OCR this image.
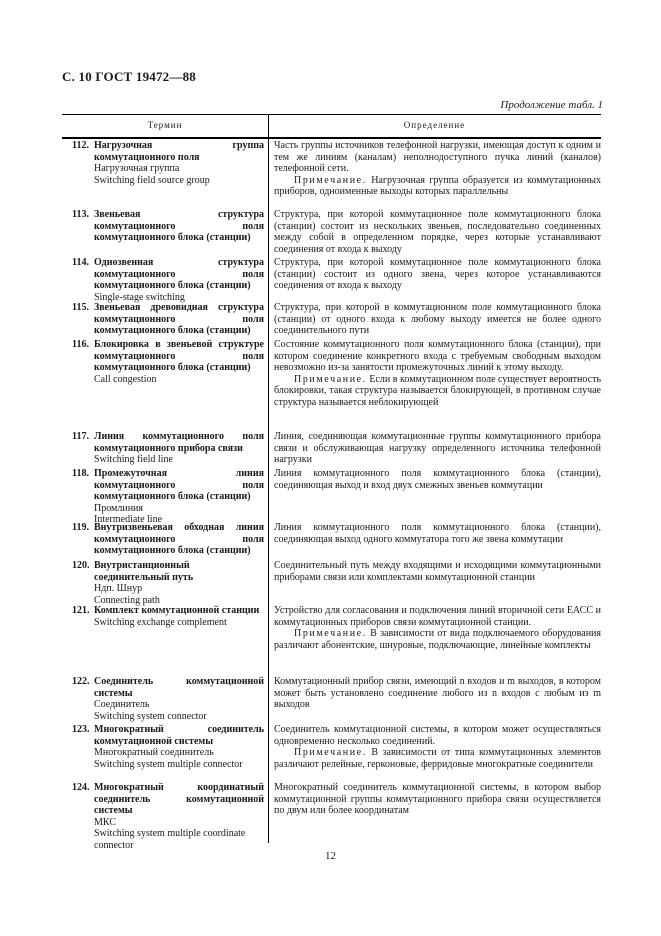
С. 10 ГОСТ 19472—88
Продолжение табл. 1
Термин	Определение
112. Нагрузочная группа коммутационного поля
Нагрузочная группа
Switching field source group

Часть группы источников телефонной нагрузки, имеющая доступ к одним и тем же линиям (каналам) неполнодоступного пучка линий (каналов) телефонной сети.

Примечание. Нагрузочная группа образуется из коммутационных приборов, одноименные выходы которых параллельны

113. Звеньевая структура коммутационного поля коммутационного блока (станции)

Структура, при которой коммутационное поле коммутационного блока (станции) состоит из нескольких звеньев, последовательно соединенных между собой в определенном порядке, через которые устанавливают соединения от входа к выходу

114. Однозвенная структура коммутационного поля коммутационного блока (станции)
Single-stage switching

Структура, при которой коммутационное поле коммутационного блока (станции) состоит из одного звена, через которое устанавливаются соединения от входа к выходу

115. Звеньевая древовидная структура коммутационного поля коммутационного блока (станции)

Структура, при которой в коммутационном поле коммутационного блока (станции) от одного входа к любому выходу имеется не более одного соединительного пути

116. Блокировка в звеньевой структуре коммутационного поля коммутационного блока (станции)
Call congestion

Состояние коммутационного поля коммутационного блока (станции), при котором соединение конкретного входа с требуемым свободным выходом невозможно из-за занятости промежуточных линий к этому выходу.

Примечание. Если в коммутационном поле существует вероятность блокировки, такая структура называется блокирующей, в противном случае структура называется неблокирующей

117. Линия коммутационного поля коммутационного прибора связи
Switching field line

Линия, соединяющая коммутационные группы коммутационного прибора связи и обслуживающая нагрузку определенного источника телефонной нагрузки

118. Промежуточная линия коммутационного поля коммутационного блока (станции)
Промлиния
Intermediate line

Линия коммутационного поля коммутационного блока (станции), соединяющая выход и вход двух смежных звеньев коммутации

119. Внутризвеньевая обходная линия коммутационного поля коммутационного блока (станции)

Линия коммутационного поля коммутационного блока (станции), соединяющая выход одного коммутатора того же звена коммутации

120. Внутристанционный соединительный путь
Ндп. Шнур
Connecting path

Соединительный путь между входящими и исходящими коммутационными приборами связи или комплектами коммутационной станции

121. Комплект коммутационной станции
Switching exchange complement

Устройство для согласования и подключения линий вторичной сети ЕАСС и коммутационных приборов связи коммутационной станции.

Примечание. В зависимости от вида подключаемого оборудования различают абонентские, шнуровые, подключающие, линейные комплекты

122. Соединитель коммутационной системы
Соединитель
Switching system connector

Коммутационный прибор связи, имеющий n входов и m выходов, в котором может быть установлено соединение любого из n входов с любым из m выходов

123. Многократный соединитель коммутационной системы
Многократный соединитель
Switching system multiple connector

Соединитель коммутационной системы, в котором может осуществляться одновременно несколько соединений.

Примечание. В зависимости от типа коммутационных элементов различают релейные, герконовые, ферридовые многократные соединители

124. Многократный координатный соединитель коммутационной системы
МКС
Switching system multiple coordinate connector

Многократный соединитель коммутационной системы, в котором выбор коммутационной группы коммутационного прибора связи осуществляется по двум или более координатам

12
